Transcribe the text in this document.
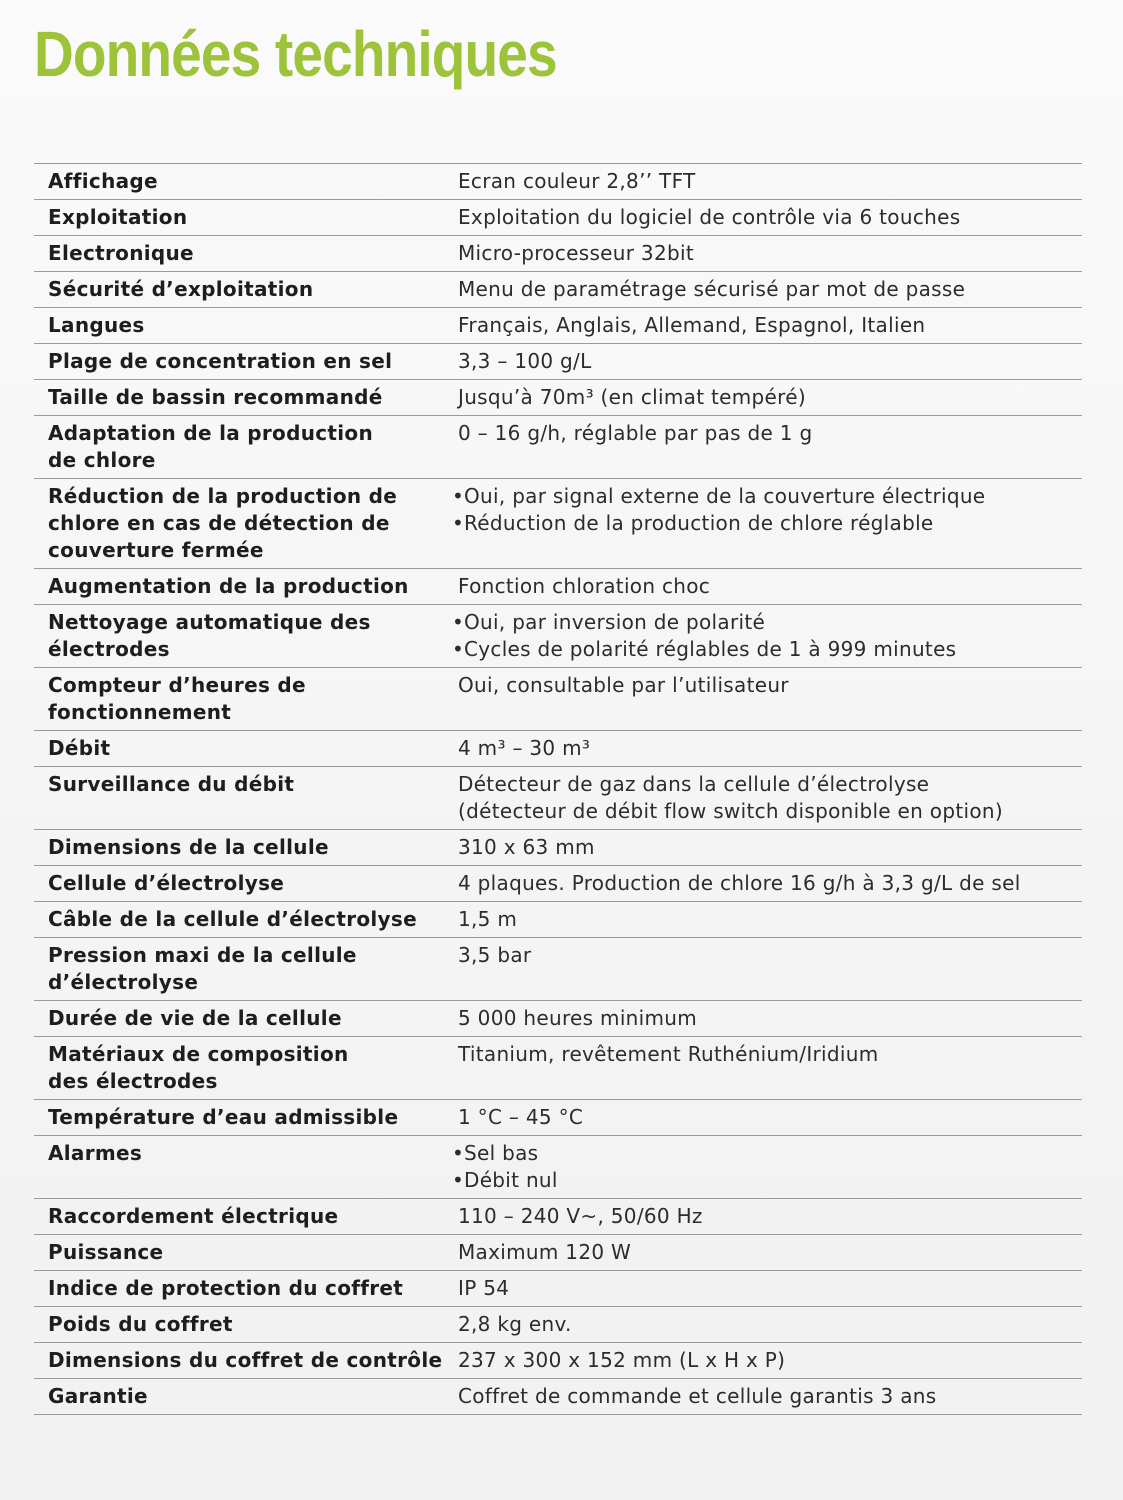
Données techniques
Affichage	Ecran couleur 2,8’’ TFT

Exploitation	Exploitation du logiciel de contrôle via 6 touches

Electronique	Micro-processeur 32bit

Sécurité d’exploitation	Menu de paramétrage sécurisé par mot de passe

Langues	Français, Anglais, Allemand, Espagnol, Italien

Plage de concentration en sel	3,3 – 100 g/L

Taille de bassin recommandé	Jusqu’à 70m³ (en climat tempéré)

Adaptation de la production
de chlore	0 – 16 g/h, réglable par pas de 1 g

Réduction de la production de
chlore en cas de détection de
couverture fermée	• Oui, par signal externe de la couverture électrique
• Réduction de la production de chlore réglable

Augmentation de la production	Fonction chloration choc

Nettoyage automatique des
électrodes	• Oui, par inversion de polarité
• Cycles de polarité réglables de 1 à 999 minutes

Compteur d’heures de
fonctionnement	Oui, consultable par l’utilisateur

Débit	4 m³ – 30 m³

Surveillance du débit	Détecteur de gaz dans la cellule d’électrolyse
(détecteur de débit flow switch disponible en option)

Dimensions de la cellule	310 x 63 mm

Cellule d’électrolyse	4 plaques. Production de chlore 16 g/h à 3,3 g/L de sel

Câble de la cellule d’électrolyse	1,5 m

Pression maxi de la cellule
d’électrolyse	3,5 bar

Durée de vie de la cellule	5 000 heures minimum

Matériaux de composition
des électrodes	Titanium, revêtement Ruthénium/Iridium

Température d’eau admissible	1 °C – 45 °C

Alarmes	• Sel bas
• Débit nul

Raccordement électrique	110 – 240 V~, 50/60 Hz

Puissance	Maximum 120 W

Indice de protection du coffret	IP 54

Poids du coffret	2,8 kg env.

Dimensions du coffret de contrôle	237 x 300 x 152 mm (L x H x P)

Garantie	Coffret de commande et cellule garantis 3 ans
